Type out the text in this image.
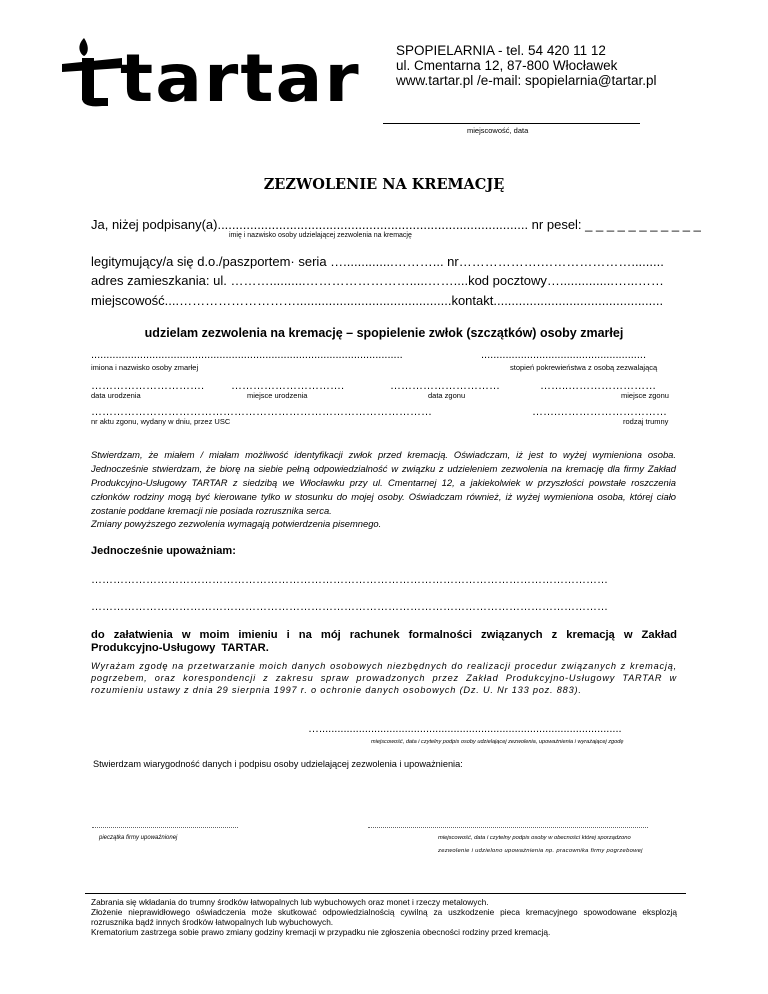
tartar	SPOPIELARNIA - tel. 54 420 11 12
ul. Cmentarna 12, 87-800 Włocławek
www.tartar.pl /e-mail: spopielarnia@tartar.pl
miejscowość, data
ZEZWOLENIE NA KREMACJĘ
Ja, niżej podpisany(a)...................................................................................... nr pesel: _ _ _ _ _ _ _ _ _ _ _
imię i nazwisko osoby udzielającej zezwolenia na kremację
legitymujący/a się d.o./paszportem· seria …..............………... nr……………….………………….........
adres zamieszkania: ul. ………..........…………………….....……....kod pocztowy…...............…...……
miejscowość....………………………...........................................kontakt...............................................
udzielam zezwolenia na kremację – spopielenie zwłok (szczątków) osoby zmarłej
......................................................................................................
imiona i nazwisko osoby zmarłej
......................................................
stopień pokrewieństwa z osobą zezwalającą
………………………….
data urodzenia
………………………….
miejsce urodzenia
…………………………
data zgonu
……..……………………
miejsce zgonu
…………………………………………………………………………………
nr aktu zgonu, wydany w dniu, przez USC
…….…………………………
rodzaj trumny
Stwierdzam, że miałem / miałam możliwość identyfikacji zwłok przed kremacją. Oświadczam, iż jest to wyżej wymieniona osoba. Jednocześnie stwierdzam, że biorę na siebie pełną odpowiedzialność w związku z udzieleniem zezwolenia na kremację dla firmy Zakład Produkcyjno-Usługowy TARTAR z siedzibą we Włocławku przy ul. Cmentarnej 12, a jakiekolwiek w przyszłości powstałe roszczenia członków rodziny mogą być kierowane tylko w stosunku do mojej osoby. Oświadczam również, iż wyżej wymieniona osoba, której ciało zostanie poddane kremacji nie posiada rozrusznika serca.
Zmiany powyższego zezwolenia wymagają potwierdzenia pisemnego.
Jednocześnie upoważniam:
……………………………………………………………………………………………………………………………
……………………………………………………………………………………………………………………………
do załatwienia w moim imieniu i na mój rachunek formalności związanych z kremacją w Zakład Produkcyjno-Usługowy TARTAR.
Wyrażam zgodę na przetwarzanie moich danych osobowych niezbędnych do realizacji procedur związanych z kremacją, pogrzebem, oraz korespondencji z zakresu spraw prowadzonych przez Zakład Produkcyjno-Usługowy TARTAR w rozumieniu ustawy z dnia 29 sierpnia 1997 r. o ochronie danych osobowych (Dz. U. Nr 133 poz. 883).
…...................................................................................................
miejscowość, data i czytelny podpis osoby udzielającej zezwolenia, upoważnienia i wyrażającej zgodę
Stwierdzam wiarygodność danych i podpisu osoby udzielającej zezwolenia i upoważnienia:
pieczątka firmy upoważnionej	miejscowość, data i czytelny podpis osoby w obecności której sporządzono
zezwolenie i udzielono upoważnienia np. pracownika firmy pogrzebowej
Zabrania się wkładania do trumny środków łatwopalnych lub wybuchowych oraz monet i rzeczy metalowych.
Złożenie nieprawidłowego oświadczenia może skutkować odpowiedzialnością cywilną za uszkodzenie pieca kremacyjnego spowodowane eksplozją rozrusznika bądź innych środków łatwopalnych lub wybuchowych.
Krematorium zastrzega sobie prawo zmiany godziny kremacji w przypadku nie zgłoszenia obecności rodziny przed kremacją.
